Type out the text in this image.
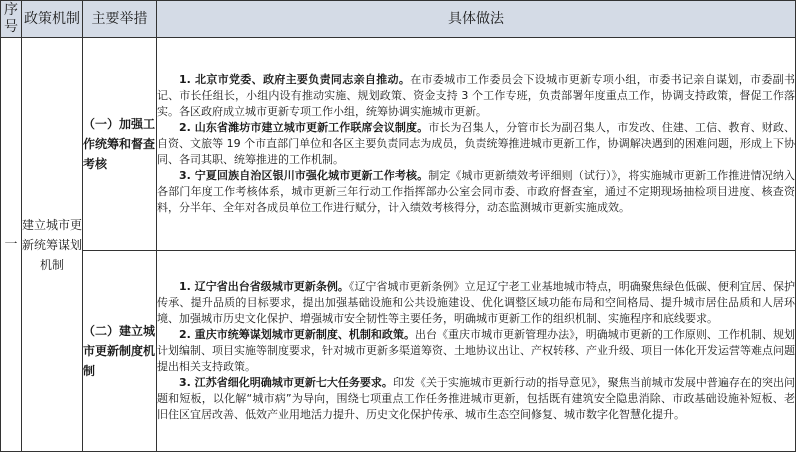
序号	政策机制	主要举措	具体做法
一	建立城市更新统筹谋划机制	（一）加强工作统筹和督查考核	1. 北京市党委、政府主要负责同志亲自推动。在市委城市工作委员会下设城市更新专项小组，市委书记亲自谋划，市委副书记、市长任组长，小组内设有推动实施、规划政策、资金支持 3 个工作专班，负责部署年度重点工作，协调支持政策，督促工作落实。各区政府成立城市更新专项工作小组，统筹协调实施城市更新。

2. 山东省潍坊市建立城市更新工作联席会议制度。市长为召集人，分管市长为副召集人，市发改、住建、工信、教育、财政、自资、文旅等 19 个市直部门单位和各区主要负责同志为成员，负责统筹推进城市更新工作，协调解决遇到的困难问题，形成上下协同、各司其职、统筹推进的工作机制。

3. 宁夏回族自治区银川市强化城市更新工作考核。制定《城市更新绩效考评细则（试行）》，将实施城市更新工作推进情况纳入各部门年度工作考核体系，城市更新三年行动工作指挥部办公室会同市委、市政府督查室，通过不定期现场抽检项目进度、核查资料，分半年、全年对各成员单位工作进行赋分，计入绩效考核得分，动态监测城市更新实施成效。

		（二）建立城市更新制度机制	1. 辽宁省出台省级城市更新条例。《辽宁省城市更新条例》立足辽宁老工业基地城市特点，明确聚焦绿色低碳、便利宜居、保护传承、提升品质的目标要求，提出加强基础设施和公共设施建设、优化调整区域功能布局和空间格局、提升城市居住品质和人居环境、加强城市历史文化保护、增强城市安全韧性等主要任务，明确城市更新工作的组织机制、实施程序和底线要求。

2. 重庆市统筹谋划城市更新制度、机制和政策。出台《重庆市城市更新管理办法》，明确城市更新的工作原则、工作机制、规划计划编制、项目实施等制度要求，针对城市更新多渠道筹资、土地协议出让、产权转移、产业升级、项目一体化开发运营等难点问题提出相关支持政策。

3. 江苏省细化明确城市更新七大任务要求。印发《关于实施城市更新行动的指导意见》，聚焦当前城市发展中普遍存在的突出问题和短板，以化解“城市病”为导向，围绕七项重点工作任务推进城市更新，包括既有建筑安全隐患消除、市政基础设施补短板、老旧住区宜居改善、低效产业用地活力提升、历史文化保护传承、城市生态空间修复、城市数字化智慧化提升。
